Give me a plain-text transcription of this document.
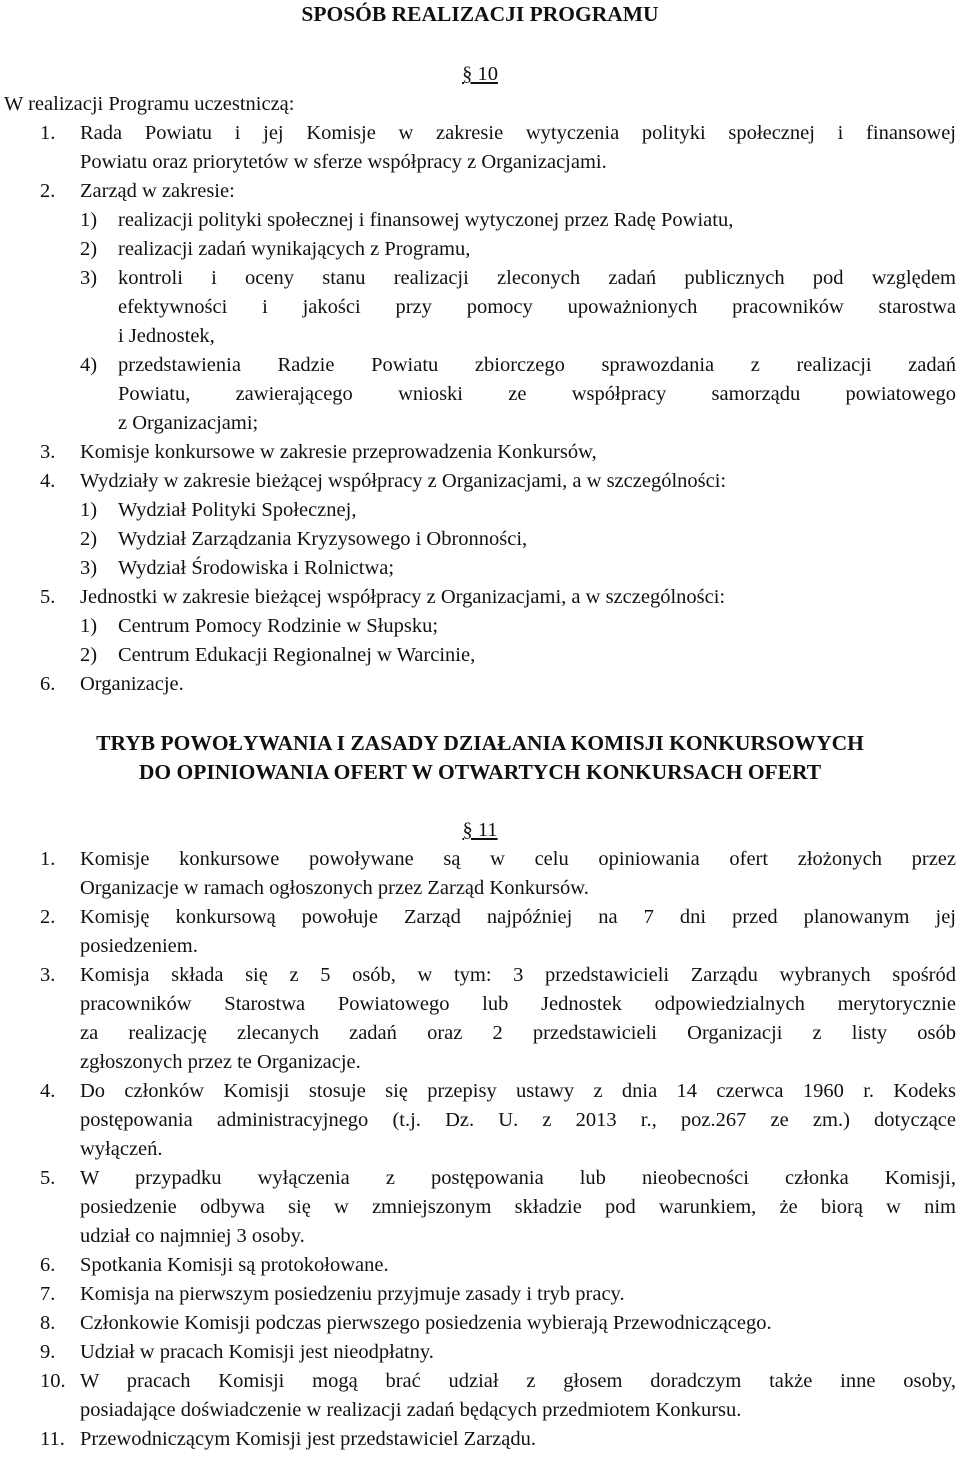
SPOSÓB REALIZACJI PROGRAMU
§ 10
W realizacji Programu uczestniczą:
1. Rada Powiatu i jej Komisje w zakresie wytyczenia polityki społecznej i finansowej
Powiatu oraz priorytetów w sferze współpracy z Organizacjami.
2. Zarząd w zakresie:
1) realizacji polityki społecznej i finansowej wytyczonej przez Radę Powiatu,
2) realizacji zadań wynikających z Programu,
3) kontroli i oceny stanu realizacji zleconych zadań publicznych pod względem
efektywności i jakości przy pomocy upoważnionych pracowników starostwa
i Jednostek,
4) przedstawienia Radzie Powiatu zbiorczego sprawozdania z realizacji zadań
Powiatu, zawierającego wnioski ze współpracy samorządu powiatowego
z Organizacjami;
3. Komisje konkursowe w zakresie przeprowadzenia Konkursów,
4. Wydziały w zakresie bieżącej współpracy z Organizacjami, a w szczególności:
1) Wydział Polityki Społecznej,
2) Wydział Zarządzania Kryzysowego i Obronności,
3) Wydział Środowiska i Rolnictwa;
5. Jednostki w zakresie bieżącej współpracy z Organizacjami, a w szczególności:
1) Centrum Pomocy Rodzinie w Słupsku;
2) Centrum Edukacji Regionalnej w Warcinie,
6. Organizacje.
TRYB POWOŁYWANIA I ZASADY DZIAŁANIA KOMISJI KONKURSOWYCH
DO OPINIOWANIA OFERT W OTWARTYCH KONKURSACH OFERT
§ 11
1. Komisje konkursowe powoływane są w celu opiniowania ofert złożonych przez
Organizacje w ramach ogłoszonych przez Zarząd Konkursów.
2. Komisję konkursową powołuje Zarząd najpóźniej na 7 dni przed planowanym jej
posiedzeniem.
3. Komisja składa się z 5 osób, w tym: 3 przedstawicieli Zarządu wybranych spośród
pracowników Starostwa Powiatowego lub Jednostek odpowiedzialnych merytorycznie
za realizację zlecanych zadań oraz 2 przedstawicieli Organizacji z listy osób
zgłoszonych przez te Organizacje.
4. Do członków Komisji stosuje się przepisy ustawy z dnia 14 czerwca 1960 r. Kodeks
postępowania administracyjnego (t.j. Dz. U. z 2013 r., poz.267 ze zm.) dotyczące
wyłączeń.
5. W przypadku wyłączenia z postępowania lub nieobecności członka Komisji,
posiedzenie odbywa się w zmniejszonym składzie pod warunkiem, że biorą w nim
udział co najmniej 3 osoby.
6. Spotkania Komisji są protokołowane.
7. Komisja na pierwszym posiedzeniu przyjmuje zasady i tryb pracy.
8. Członkowie Komisji podczas pierwszego posiedzenia wybierają Przewodniczącego.
9. Udział w pracach Komisji jest nieodpłatny.
10. W pracach Komisji mogą brać udział z głosem doradczym także inne osoby,
posiadające doświadczenie w realizacji zadań będących przedmiotem Konkursu.
11. Przewodniczącym Komisji jest przedstawiciel Zarządu.
